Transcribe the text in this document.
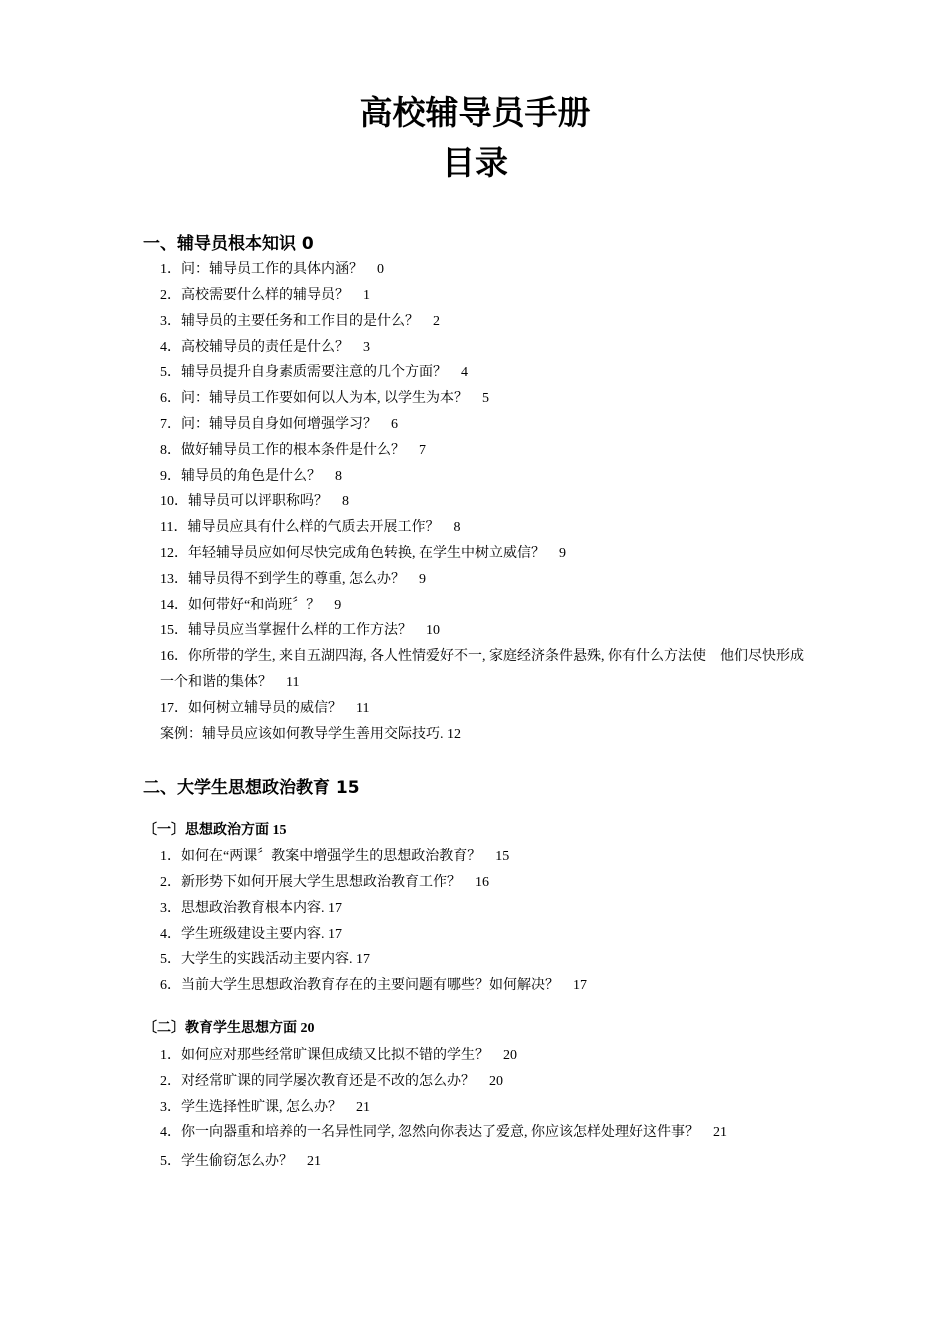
高校辅导员手册
目录
一、辅导员根本知识 0
1．问：辅导员工作的具体内涵？　0
2．高校需要什么样的辅导员？　1
3．辅导员的主要任务和工作目的是什么？　2
4．高校辅导员的责任是什么？　3
5．辅导员提升自身素质需要注意的几个方面？　4
6．问：辅导员工作要如何以人为本, 以学生为本？　5
7．问：辅导员自身如何增强学习？　6
8．做好辅导员工作的根本条件是什么？　7
9．辅导员的角色是什么？　8
10．辅导员可以评职称吗？　8
11．辅导员应具有什么样的气质去开展工作？　8
12．年轻辅导员应如何尽快完成角色转换, 在学生中树立威信？　9
13．辅导员得不到学生的尊重, 怎么办？　9
14．如何带好“和尚班〞？　9
15．辅导员应当掌握什么样的工作方法？　10
16．你所带的学生, 来自五湖四海, 各人性情爱好不一, 家庭经济条件悬殊, 你有什么方法使　他们尽快形成一个和谐的集体？　11
17．如何树立辅导员的威信？　11
案例：辅导员应该如何教导学生善用交际技巧. 12
二、大学生思想政治教育 15
〔一〕思想政治方面 15
1．如何在“两课〞教案中增强学生的思想政治教育？　15
2．新形势下如何开展大学生思想政治教育工作？　16
3．思想政治教育根本内容. 17
4．学生班级建设主要内容. 17
5．大学生的实践活动主要内容. 17
6．当前大学生思想政治教育存在的主要问题有哪些？如何解决？　17
〔二〕教育学生思想方面 20
1．如何应对那些经常旷课但成绩又比拟不错的学生？　20
2．对经常旷课的同学屡次教育还是不改的怎么办？　20
3．学生选择性旷课, 怎么办？　21
4．你一向器重和培养的一名异性同学, 忽然向你表达了爱意, 你应该怎样处理好这件事？　21
5．学生偷窃怎么办？　21
